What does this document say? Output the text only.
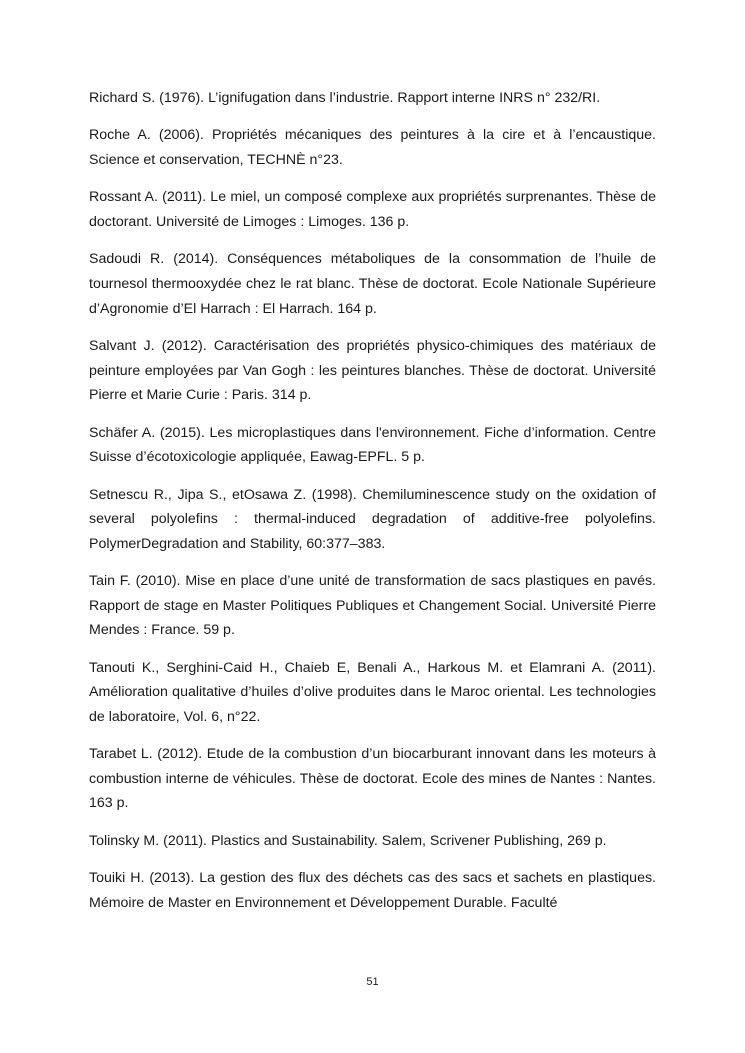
Richard S. (1976). L’ignifugation dans l’industrie. Rapport interne INRS n° 232/RI.

Roche A. (2006). Propriétés mécaniques des peintures à la cire et à l’encaustique. Science et conservation, TECHNÈ n°23.

Rossant A. (2011). Le miel, un composé complexe aux propriétés surprenantes. Thèse de doctorant. Université de Limoges : Limoges. 136 p.

Sadoudi R. (2014). Conséquences métaboliques de la consommation de l’huile de tournesol thermooxydée chez le rat blanc. Thèse de doctorat. Ecole Nationale Supérieure d’Agronomie d’El Harrach : El Harrach. 164 p.

Salvant J. (2012). Caractérisation des propriétés physico-chimiques des matériaux de peinture employées par Van Gogh : les peintures blanches. Thèse de doctorat. Université Pierre et Marie Curie : Paris. 314 p.

Schäfer A. (2015). Les microplastiques dans l'environnement. Fiche d’information. Centre Suisse d’écotoxicologie appliquée, Eawag-EPFL. 5 p.

Setnescu R., Jipa S., etOsawa Z. (1998). Chemiluminescence study on the oxidation of several polyolefins : thermal-induced degradation of additive-free polyolefins. PolymerDegradation and Stability, 60:377–383.

Tain F. (2010). Mise en place d’une unité de transformation de sacs plastiques en pavés. Rapport de stage en Master Politiques Publiques et Changement Social. Université Pierre Mendes : France. 59 p.

Tanouti K., Serghini-Caid H., Chaieb E, Benali A., Harkous M. et Elamrani A. (2011). Amélioration qualitative d’huiles d’olive produites dans le Maroc oriental. Les technologies de laboratoire, Vol. 6, n°22.

Tarabet L. (2012). Etude de la combustion d’un biocarburant innovant dans les moteurs à combustion interne de véhicules. Thèse de doctorat. Ecole des mines de Nantes : Nantes. 163 p.

Tolinsky M. (2011). Plastics and Sustainability. Salem, Scrivener Publishing, 269 p.

Touiki H. (2013). La gestion des flux des déchets cas des sacs et sachets en plastiques. Mémoire de Master en Environnement et Développement Durable. Faculté

51
